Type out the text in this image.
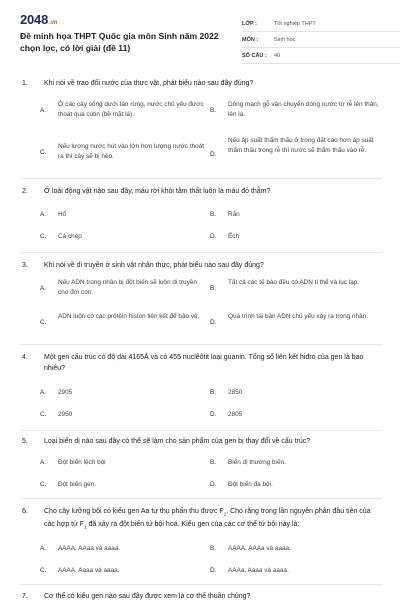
2048.vn
Đề minh họa THPT Quốc gia môn Sinh năm 2022 chọn lọc, có lời giải (đề 11)
LỚP :	Tốt nghiệp THPT
MÔN :	Sinh học
SỐ CÂU : 40
1. Khi nói về trao đổi nước của thực vật, phát biểu nào sau đây đúng?
A.
Ở các cây sống dưới tán rừng, nước chủ yếu được thoát qua cutin (bề mặt lá).
B.
Dòng mạch gỗ vận chuyển dòng nước từ rễ lên thân, lên lá.
C.
Nếu lượng nước hút vào lớn hơn lượng nước thoát ra thì cây sẽ bị héo.	D.
Nếu áp suất thẩm thấu ở trong đất cao hơn áp suất thẩm thấu trong rễ thì nước sẽ thẩm thấu vào rễ.
2. Ở loài động vật nào sau đây, máu rời khỏi tâm thất luôn là máu đỏ thẫm?
A. Hổ	B. Rắn
C. Cá chép	D. Ếch
3. Khi nói về di truyền ở sinh vật nhân thực, phát biểu nào sau đây đúng?
A.
Nếu ADN trong nhân bị đột biến sẽ luôn di truyền cho đời con.
B.
Tất cả các tế bào đều có ADN ti thể và lục lạp.
C.
ADN luôn có các prôtêin histon liên kết để bảo vệ.
D.
Quá trình tái bản ADN chủ yếu xảy ra trong nhân.
4. Một gen cấu trúc có độ dài 4165Å và có 455 nuclêôtit loại guanin. Tổng số liên kết hiđro của gen là bao nhiêu?
A. 2905	B. 2850
C. 2950	D. 2805
5. Loại biến dị nào sau đây có thể sẽ làm cho sản phẩm của gen bị thay đổi về cấu trúc?
A. Đột biến lệch bội	B. Biến dị thường biến.
C. Đột biến gen.	D. Đột biến đa bội.
6. Cho cây lưỡng bội có kiểu gen Aa tự thụ phấn thu được $F_1$. Cho rằng trong lần nguyên phân đầu tiên của các hợp tử $F_1$ đã xảy ra đột biến tứ bội hoá. Kiểu gen của các cơ thể tứ bội này là:
A. AAAA, AAaa và aaaa.	B. AAAA, AAAa và aaaa.
C. AAAA, Aaaa và aaaa.	D. AAAa, Aaaa và aaaa.
7. Cơ thể có kiểu gen nào sau đây được xem là cơ thể thuần chủng?
